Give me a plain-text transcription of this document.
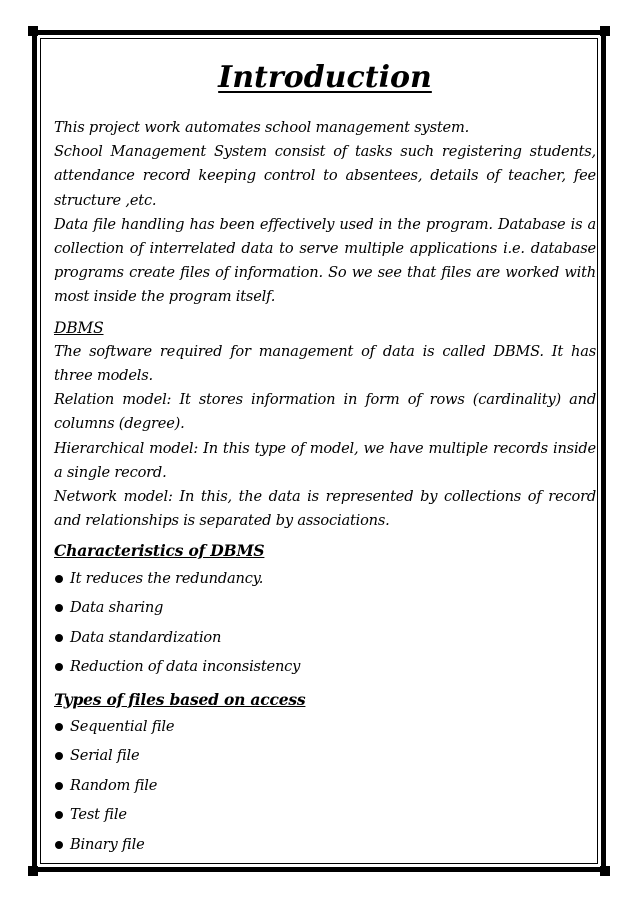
Introduction

This project work automates school management system.

School Management System consist of tasks such registering students, attendance record keeping control to absentees, details of teacher, fee structure ,etc.

Data file handling has been effectively used in the program. Database is a collection of interrelated data to serve multiple applications i.e. database programs create files of information. So we see that files are worked with most inside the program itself.

DBMS

The software required for management of data is called DBMS. It has three models.

Relation model: It stores information in form of rows (cardinality) and columns (degree).

Hierarchical model: In this type of model, we have multiple records inside a single record.

Network model: In this, the data is represented by collections of record and relationships is separated by associations.

Characteristics of DBMS

It reduces the redundancy.
Data sharing
Data standardization
Reduction of data inconsistency

Types of files based on access

Sequential file
Serial file
Random file
Test file
Binary file
